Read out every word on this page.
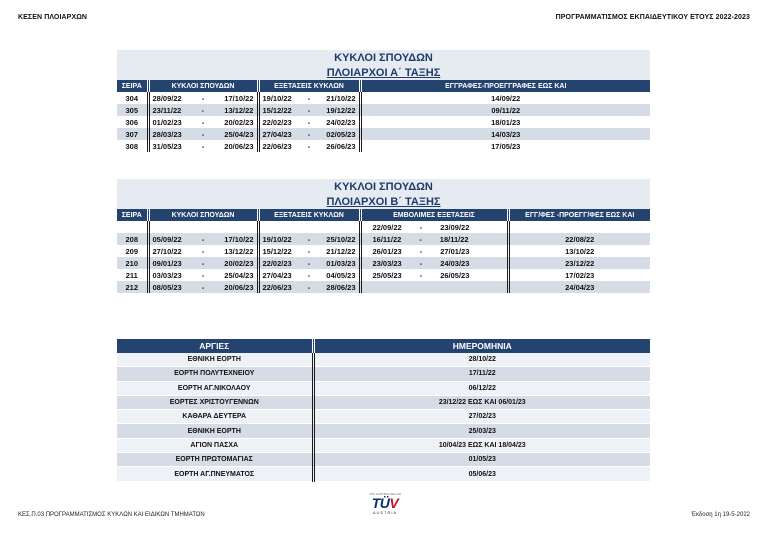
ΚΕΣΕΝ ΠΛΟΙΑΡΧΩΝ	ΠΡΟΓΡΑΜΜΑΤΙΣΜΟΣ ΕΚΠΑΙΔΕΥΤΙΚΟΥ ΕΤΟΥΣ 2022-2023
ΚΥΚΛΟΙ ΣΠΟΥΔΩΝ
ΠΛΟΙΑΡΧΟΙ Α΄ ΤΑΞΗΣ
ΣΕΙΡΑ	ΚΥΚΛΟΙ ΣΠΟΥΔΩΝ	ΕΞΕΤΑΣΕΙΣ ΚΥΚΛΩΝ	ΕΓΓΡΑΦΕΣ-ΠΡΟΕΓΓΡΑΦΕΣ ΕΩΣ ΚΑΙ
304	28/09/22 - 17/10/22	19/10/22 - 21/10/22	14/09/22
305	23/11/22 - 13/12/22	15/12/22 - 19/12/22	09/11/22
306	01/02/23 - 20/02/23	22/02/23 - 24/02/23	18/01/23
307	28/03/23 - 25/04/23	27/04/23 - 02/05/23	14/03/23
308	31/05/23 - 20/06/23	22/06/23 - 26/06/23	17/05/23
ΚΥΚΛΟΙ ΣΠΟΥΔΩΝ
ΠΛΟΙΑΡΧΟΙ Β΄ ΤΑΞΗΣ
ΣΕΙΡΑ	ΚΥΚΛΟΙ ΣΠΟΥΔΩΝ	ΕΞΕΤΑΣΕΙΣ ΚΥΚΛΩΝ	ΕΜΒΟΛΙΜΕΣ ΕΞΕΤΑΣΕΙΣ	ΕΓΓ/ΦΕΣ -ΠΡΟΕΓΓ/ΦΕΣ ΕΩΣ ΚΑΙ

			22/09/22 - 23/09/22	

208	05/09/22 - 17/10/22	19/10/22 - 25/10/22	16/11/22 - 18/11/22	22/08/22
209	27/10/22 - 13/12/22	15/12/22 - 21/12/22	26/01/23 - 27/01/23	13/10/22
210	09/01/23 - 20/02/23	22/02/23 - 01/03/23	23/03/23 - 24/03/23	23/12/22
211	03/03/23 - 25/04/23	27/04/23 - 04/05/23	25/05/23 - 26/05/23	17/02/23
212	08/05/23 - 20/06/23	22/06/23 - 28/06/23		24/04/23
ΑΡΓΙΕΣ	ΗΜΕΡΟΜΗΝΙΑ
ΕΘΝΙΚΗ ΕΟΡΤΗ	28/10/22
ΕΟΡΤΗ ΠΟΛΥΤΕΧΝΕΙΟΥ	17/11/22
ΕΟΡΤΗ ΑΓ.ΝΙΚΟΛΑΟΥ	06/12/22
ΕΟΡΤΕΣ ΧΡΙΣΤΟΥΓΕΝΝΩΝ	23/12/22 ΕΩΣ ΚΑΙ 06/01/23
ΚΑΘΑΡΑ ΔΕΥΤΕΡΑ	27/02/23
ΕΘΝΙΚΗ ΕΟΡΤΗ	25/03/23
ΑΓΙΟΝ ΠΑΣΧΑ	10/04/23 ΕΩΣ ΚΑΙ 18/04/23
ΕΟΡΤΗ ΠΡΩΤΟΜΑΓΙΑΣ	01/05/23
ΕΟΡΤΗ ΑΓ.ΠΝΕΥΜΑΤΟΣ	05/06/23
ΚΕΣ.Π.03 ΠΡΟΓΡΑΜΜΑΤΙΣΜΟΣ ΚΥΚΛΩΝ ΚΑΙ ΕΙΔΙΚΩΝ ΤΜΗΜΑΤΩΝ
TÜV AUSTRIA HELLAS
TÜV
AUSTRIA	Έκδοση 1η 19-5-2022
